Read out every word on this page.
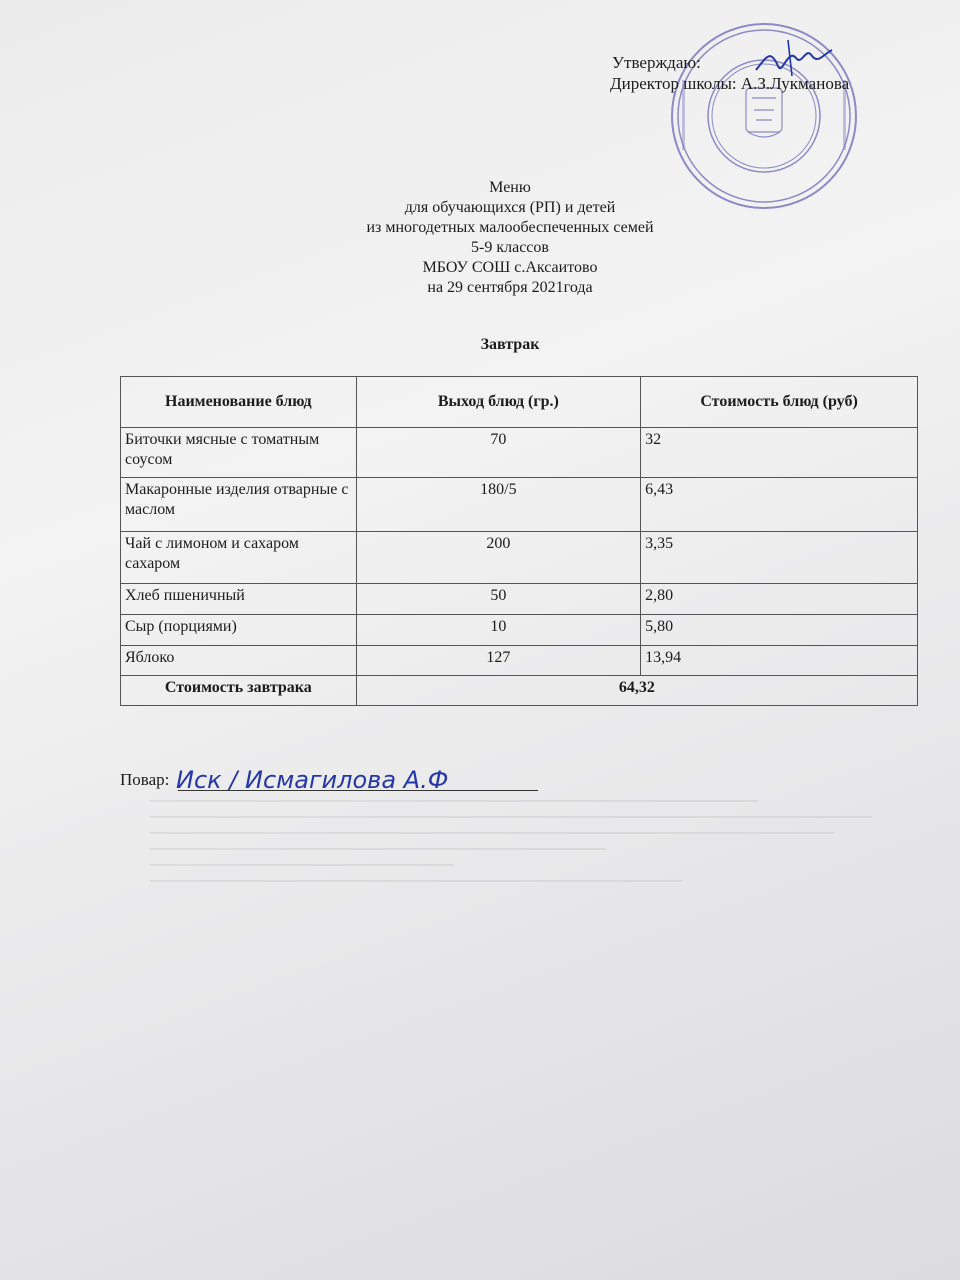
Утверждаю:
Директор школы: А.З.Лукманова
Меню
для обучающихся (РП) и детей
из многодетных малообеспеченных семей
5-9 классов
МБОУ СОШ с.Аксаитово
на 29 сентября 2021года
Завтрак
Наименование блюд	Выход блюд (гр.)	Стоимость блюд (руб)
Биточки мясные с томатным соусом	70	32
Макаронные изделия отварные с маслом	180/5	6,43
Чай с лимоном и сахаром сахаром	200	3,35
Хлеб пшеничный	50	2,80
Сыр (порциями)	10	5,80
Яблоко	127	13,94
Стоимость завтрака	64,32	
Повар: Иск / Исмагилова А.Ф
